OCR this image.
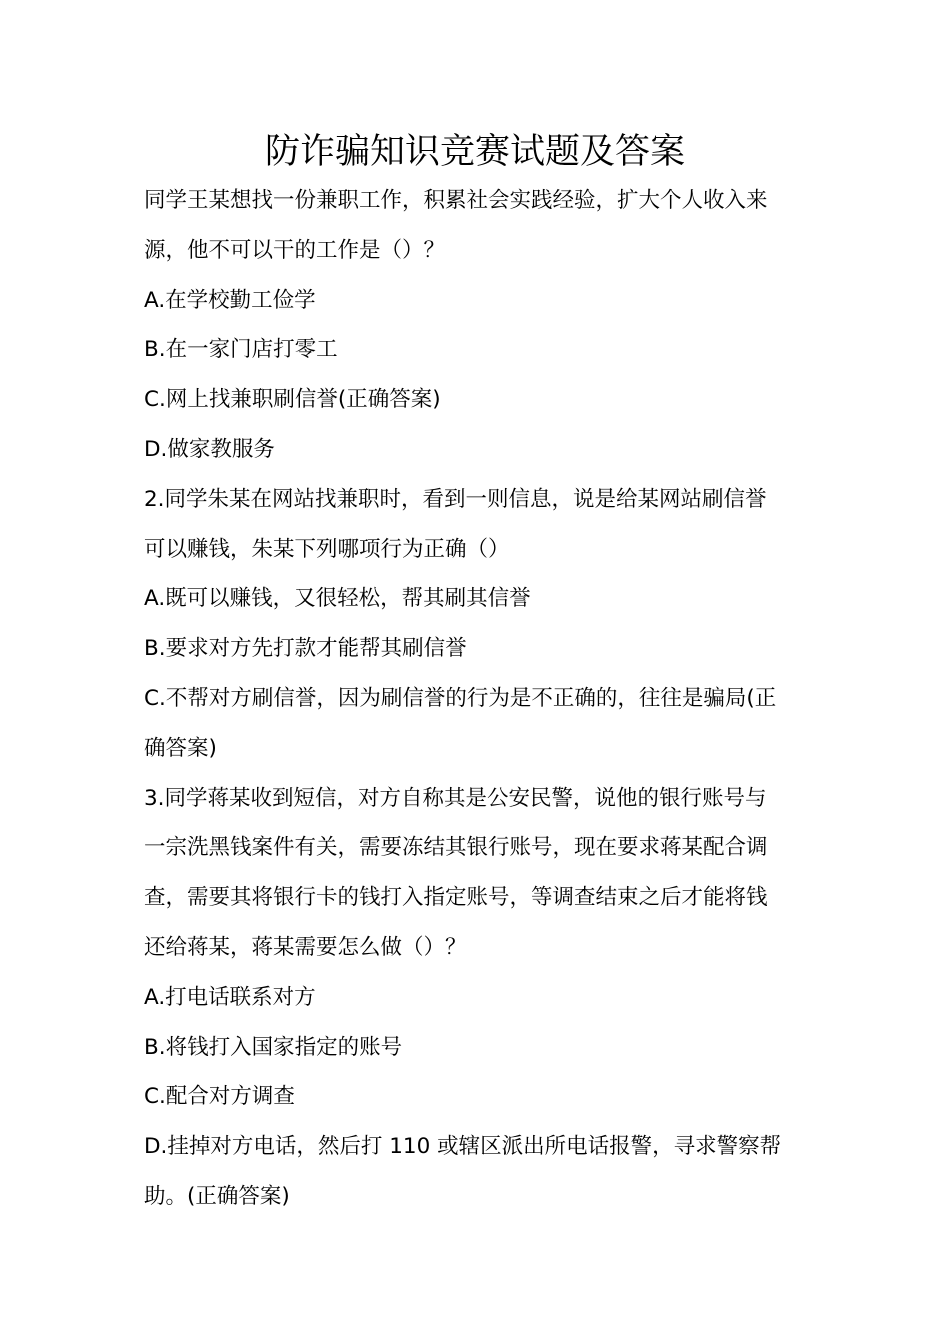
防诈骗知识竞赛试题及答案
同学王某想找一份兼职工作，积累社会实践经验，扩大个人收入来
源，他不可以干的工作是（）？
A.在学校勤工俭学
B.在一家门店打零工
C.网上找兼职刷信誉(正确答案)
D.做家教服务
2.同学朱某在网站找兼职时，看到一则信息，说是给某网站刷信誉
可以赚钱，朱某下列哪项行为正确（）
A.既可以赚钱，又很轻松，帮其刷其信誉
B.要求对方先打款才能帮其刷信誉
C.不帮对方刷信誉，因为刷信誉的行为是不正确的，往往是骗局(正
确答案)
3.同学蒋某收到短信，对方自称其是公安民警，说他的银行账号与
一宗洗黑钱案件有关，需要冻结其银行账号，现在要求蒋某配合调
查，需要其将银行卡的钱打入指定账号，等调查结束之后才能将钱
还给蒋某，蒋某需要怎么做（）？
A.打电话联系对方
B.将钱打入国家指定的账号
C.配合对方调查
D.挂掉对方电话，然后打 110 或辖区派出所电话报警，寻求警察帮
助。(正确答案)
